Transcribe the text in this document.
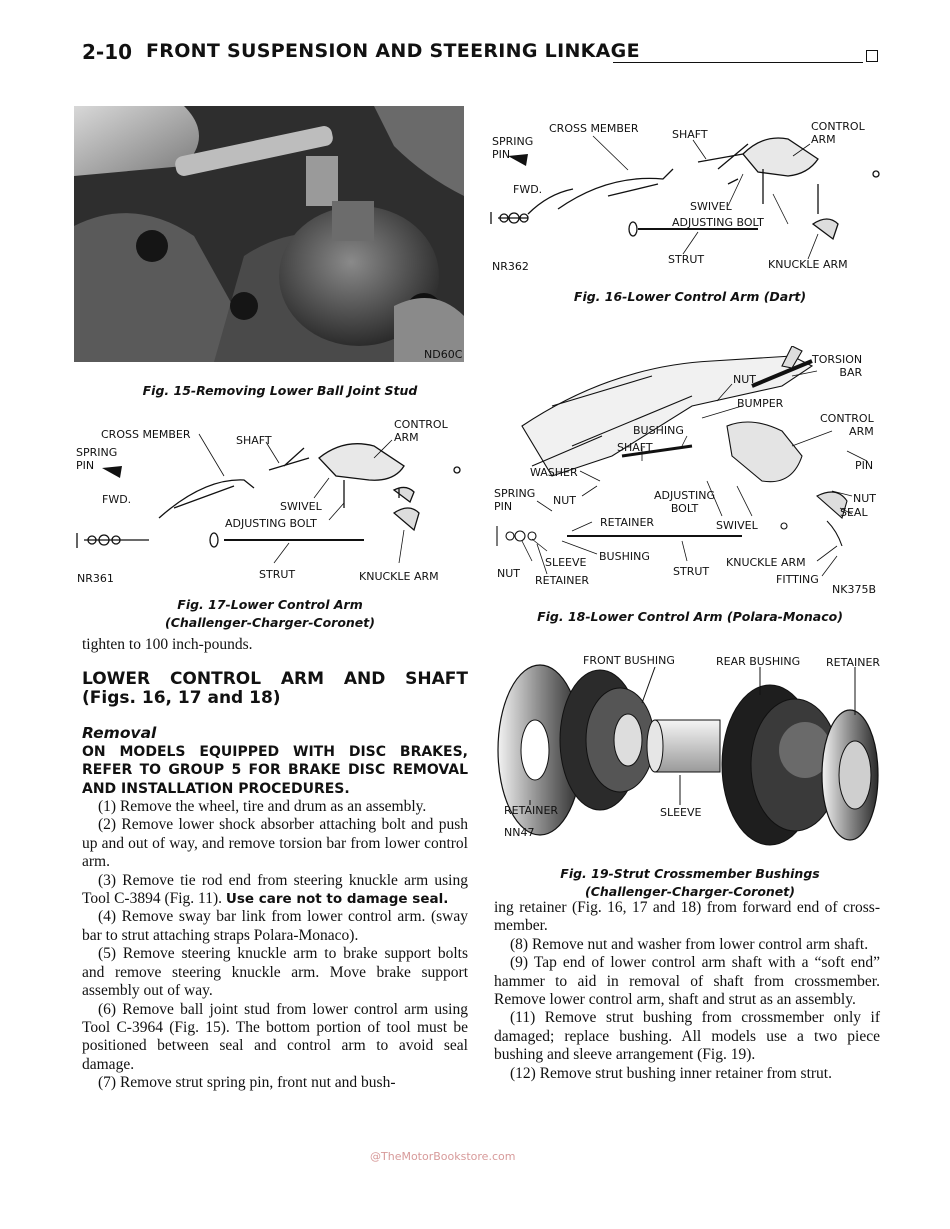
2-10 FRONT SUSPENSION AND STEERING LINKAGE
ND60C
Fig. 15-Removing Lower Ball Joint Stud
CROSS MEMBER	SHAFT
CONTROL
ARM
SPRING
PIN
FWD.
SWIVEL
ADJUSTING BOLT
STRUT	KNUCKLE ARM
NR362
Fig. 16-Lower Control Arm (Dart)
CROSS MEMBER	SHAFT
CONTROL
ARM
SPRING
PIN
FWD.
SWIVEL
ADJUSTING BOLT
STRUT	KNUCKLE ARM
NR361
Fig. 17-Lower Control Arm
(Challenger-Charger-Coronet)
TORSION
BAR
NUT
BUMPER
CONTROL
ARM
BUSHING
SHAFT
PIN
WASHER
SPRING
PIN	NUT	ADJUSTING
BOLT
NUT
SEAL
RETAINER	SWIVEL
SLEEVE BUSHING
NUT
RETAINER
STRUT
KNUCKLE ARM
FITTING
NK375B
Fig. 18-Lower Control Arm (Polara-Monaco)
FRONT BUSHING	REAR BUSHING RETAINER
RETAINER	SLEEVE
NN47
Fig. 19-Strut Crossmember Bushings
(Challenger-Charger-Coronet)

tighten to 100 inch-pounds.

LOWER CONTROL ARM AND SHAFT (Figs. 16, 17 and 18)

Removal

ON MODELS EQUIPPED WITH DISC BRAKES, REFER TO GROUP 5 FOR BRAKE DISC REMOVAL AND INSTALLATION PROCEDURES.

(1) Remove the wheel, tire and drum as an assembly.

(2) Remove lower shock absorber attaching bolt and push up and out of way, and remove torsion bar from lower control arm.

(3) Remove tie rod end from steering knuckle arm using Tool C-3894 (Fig. 11). Use care not to damage seal.

(4) Remove sway bar link from lower control arm. (sway bar to strut attaching straps Polara-Monaco).

(5) Remove steering knuckle arm to brake support bolts and remove steering knuckle arm. Move brake support assembly out of way.

(6) Remove ball joint stud from lower control arm using Tool C-3964 (Fig. 15). The bottom portion of tool must be positioned between seal and control arm to avoid seal damage.

(7) Remove strut spring pin, front nut and bush-

ing retainer (Fig. 16, 17 and 18) from forward end of cross-member.

(8) Remove nut and washer from lower control arm shaft.

(9) Tap end of lower control arm shaft with a “soft end” hammer to aid in removal of shaft from crossmember. Remove lower control arm, shaft and strut as an assembly.

(11) Remove strut bushing from crossmember only if damaged; replace bushing. All models use a two piece bushing and sleeve arrangement (Fig. 19).

(12) Remove strut bushing inner retainer from strut.

@TheMotorBookstore.com
